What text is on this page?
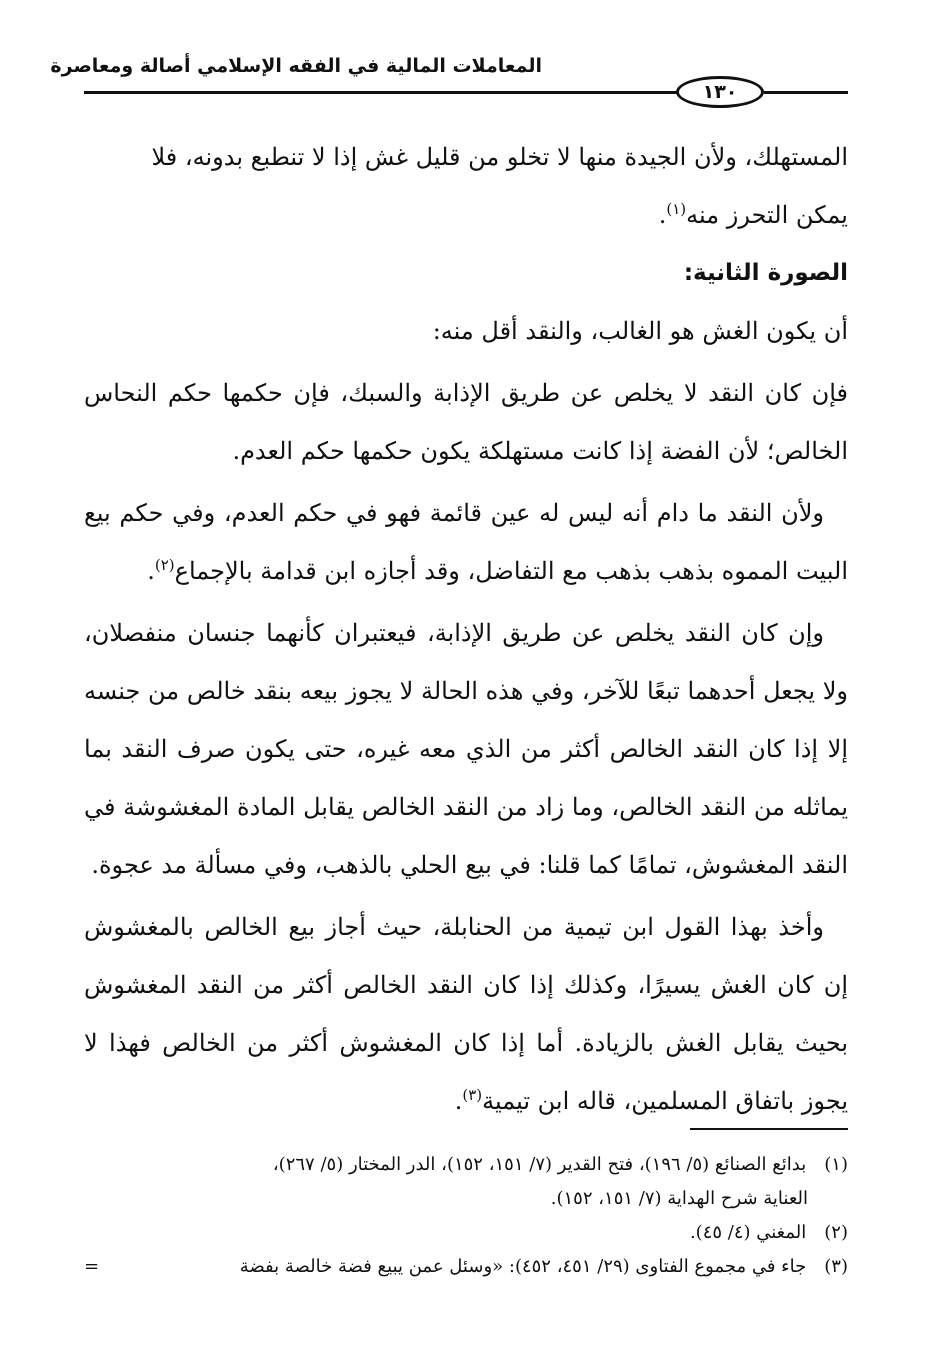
المعاملات المالية في الفقه الإسلامي أصالة ومعاصرة
١٣٠

المستهلك، ولأن الجيدة منها لا تخلو من قليل غش إذا لا تنطبع بدونه، فلا
يمكن التحرز منه$^{(١)}$.

الصورة الثانية:

أن يكون الغش هو الغالب، والنقد أقل منه:

فإن كان النقد لا يخلص عن طريق الإذابة والسبك، فإن حكمها حكم النحاس الخالص؛ لأن الفضة إذا كانت مستهلكة يكون حكمها حكم العدم.

ولأن النقد ما دام أنه ليس له عين قائمة فهو في حكم العدم، وفي حكم بيع البيت المموه بذهب بذهب مع التفاضل، وقد أجازه ابن قدامة بالإجماع$^{(٢)}$.

وإن كان النقد يخلص عن طريق الإذابة، فيعتبران كأنهما جنسان منفصلان، ولا يجعل أحدهما تبعًا للآخر، وفي هذه الحالة لا يجوز بيعه بنقد خالص من جنسه إلا إذا كان النقد الخالص أكثر من الذي معه غيره، حتى يكون صرف النقد بما يماثله من النقد الخالص، وما زاد من النقد الخالص يقابل المادة المغشوشة في النقد المغشوش، تمامًا كما قلنا: في بيع الحلي بالذهب، وفي مسألة مد عجوة.

وأخذ بهذا القول ابن تيمية من الحنابلة، حيث أجاز بيع الخالص بالمغشوش إن كان الغش يسيرًا، وكذلك إذا كان النقد الخالص أكثر من النقد المغشوش بحيث يقابل الغش بالزيادة. أما إذا كان المغشوش أكثر من الخالص فهذا لا يجوز باتفاق المسلمين، قاله ابن تيمية$^{(٣)}$.

(١) بدائع الصنائع (٥/ ١٩٦)، فتح القدير (٧/ ١٥١، ١٥٢)، الدر المختار (٥/ ٢٦٧)،

العناية شرح الهداية (٧/ ١٥١، ١٥٢).

(٢) المغني (٤/ ٤٥).

(٣) جاء في مجموع الفتاوى (٢٩/ ٤٥١، ٤٥٢): «وسئل عمن يبيع فضة خالصة بفضة
=
